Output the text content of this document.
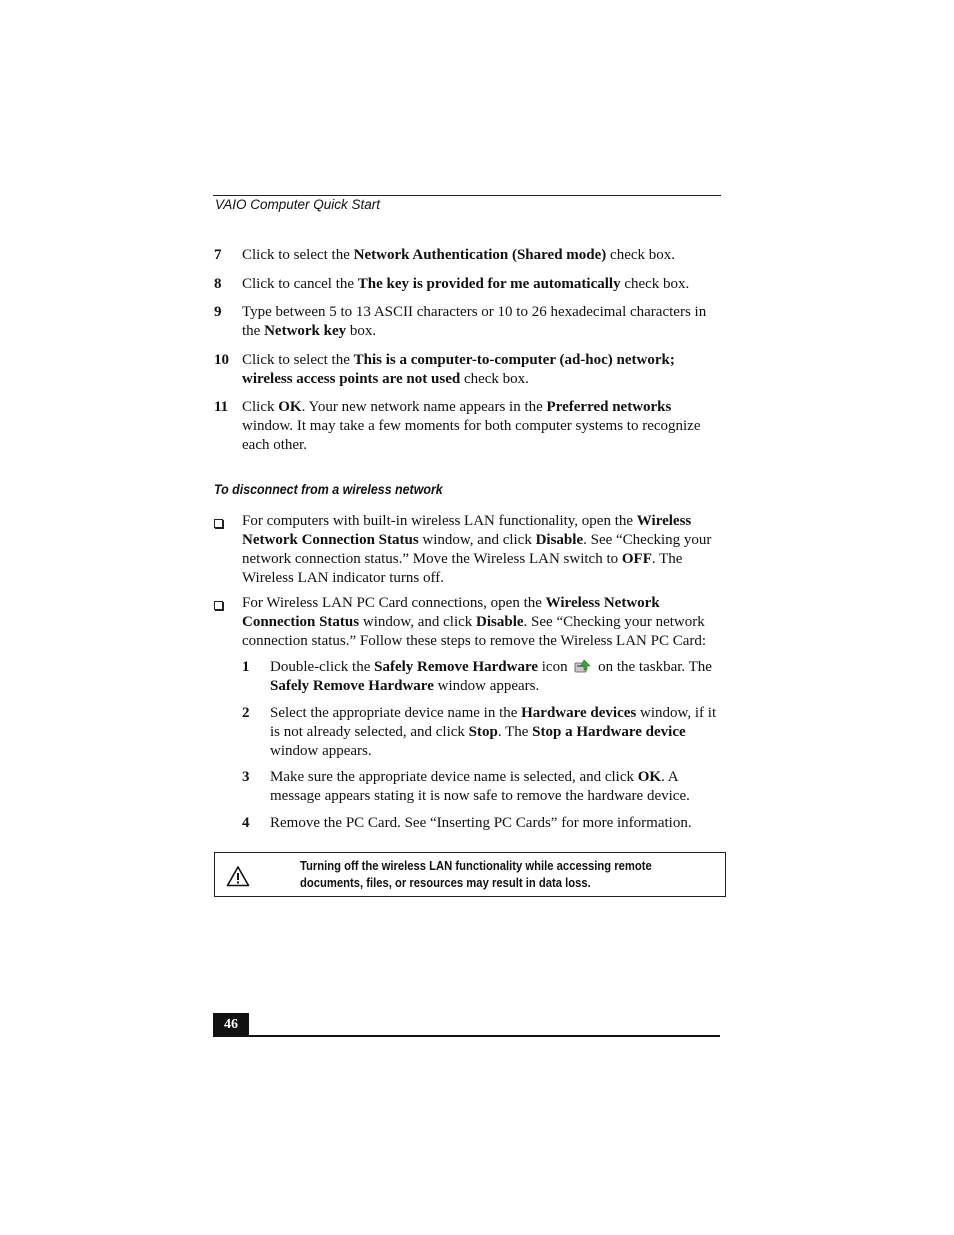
VAIO Computer Quick Start
7	Click to select the Network Authentication (Shared mode) check box.
8	Click to cancel the The key is provided for me automatically check box.
9	Type between 5 to 13 ASCII characters or 10 to 26 hexadecimal characters in the Network key box.
10 Click to select the This is a computer-to-computer (ad-hoc) network; wireless access points are not used check box.
11 Click OK. Your new network name appears in the Preferred networks window. It may take a few moments for both computer systems to recognize each other.
To disconnect from a wireless network
For computers with built-in wireless LAN functionality, open the Wireless Network Connection Status window, and click Disable. See “Checking your network connection status.” Move the Wireless LAN switch to OFF. The Wireless LAN indicator turns off.
For Wireless LAN PC Card connections, open the Wireless Network Connection Status window, and click Disable. See “Checking your network connection status.” Follow these steps to remove the Wireless LAN PC Card:
1	Double-click the Safely Remove Hardware icon  on the taskbar. The Safely Remove Hardware window appears.
2	Select the appropriate device name in the Hardware devices window, if it is not already selected, and click Stop. The Stop a Hardware device window appears.
3	Make sure the appropriate device name is selected, and click OK. A message appears stating it is now safe to remove the hardware device.
4	Remove the PC Card. See “Inserting PC Cards” for more information.
Turning off the wireless LAN functionality while accessing remote documents, files, or resources may result in data loss.
46
